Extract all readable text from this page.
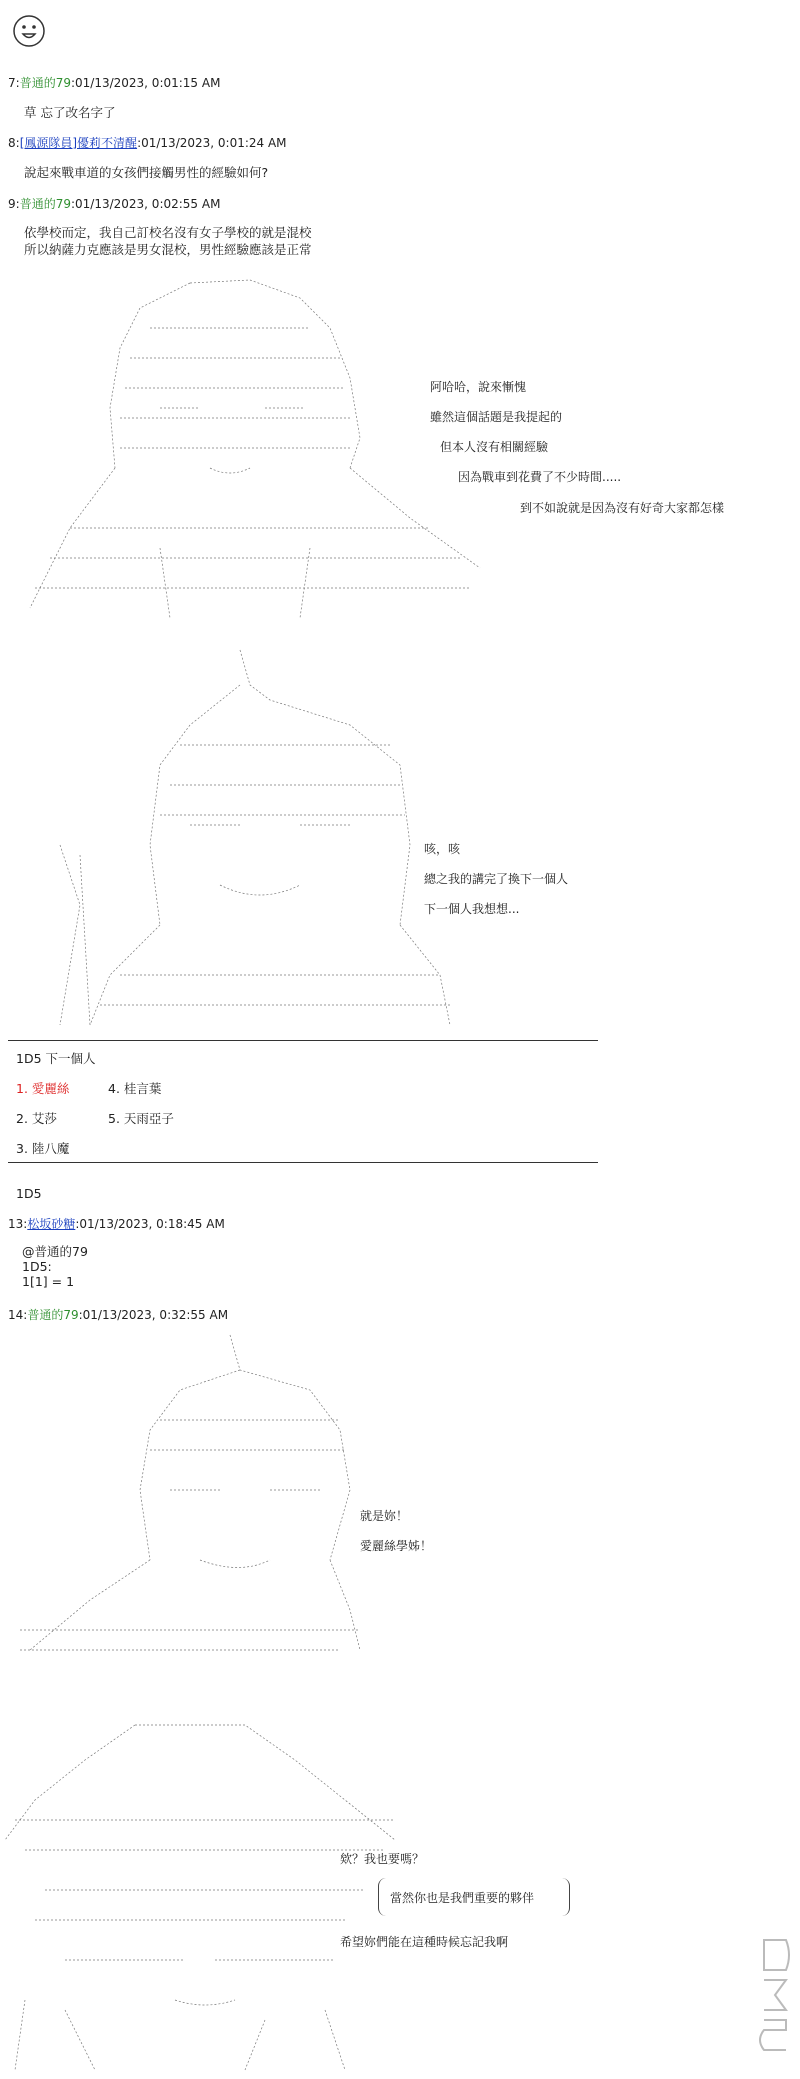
7:普通的79:01/13/2023, 0:01:15 AM
草 忘了改名字了
8:[鳳源隊員]優莉不清醒:01/13/2023, 0:01:24 AM
說起來戰車道的女孩們接觸男性的經驗如何?
9:普通的79:01/13/2023, 0:02:55 AM
依學校而定，我自己訂校名沒有女子學校的就是混校
所以納薩力克應該是男女混校，男性經驗應該是正常
阿哈哈，說來慚愧
雖然這個話題是我提起的
但本人沒有相關經驗
因為戰車到花費了不少時間.....
到不如說就是因為沒有好奇大家都怎樣
咳，咳
總之我的講完了換下一個人
下一個人我想想...
1D5 下一個人
1. 愛麗絲	4. 桂言葉
2. 艾莎	5. 天雨亞子
3. 陸八魔
1D5
13:松坂砂糖:01/13/2023, 0:18:45 AM
@普通的79
1D5:
1[1] = 1
14:普通的79:01/13/2023, 0:32:55 AM
就是妳！
愛麗絲學姊！
欸？我也要嗎？
當然你也是我們重要的夥伴
希望妳們能在這種時候忘記我啊
